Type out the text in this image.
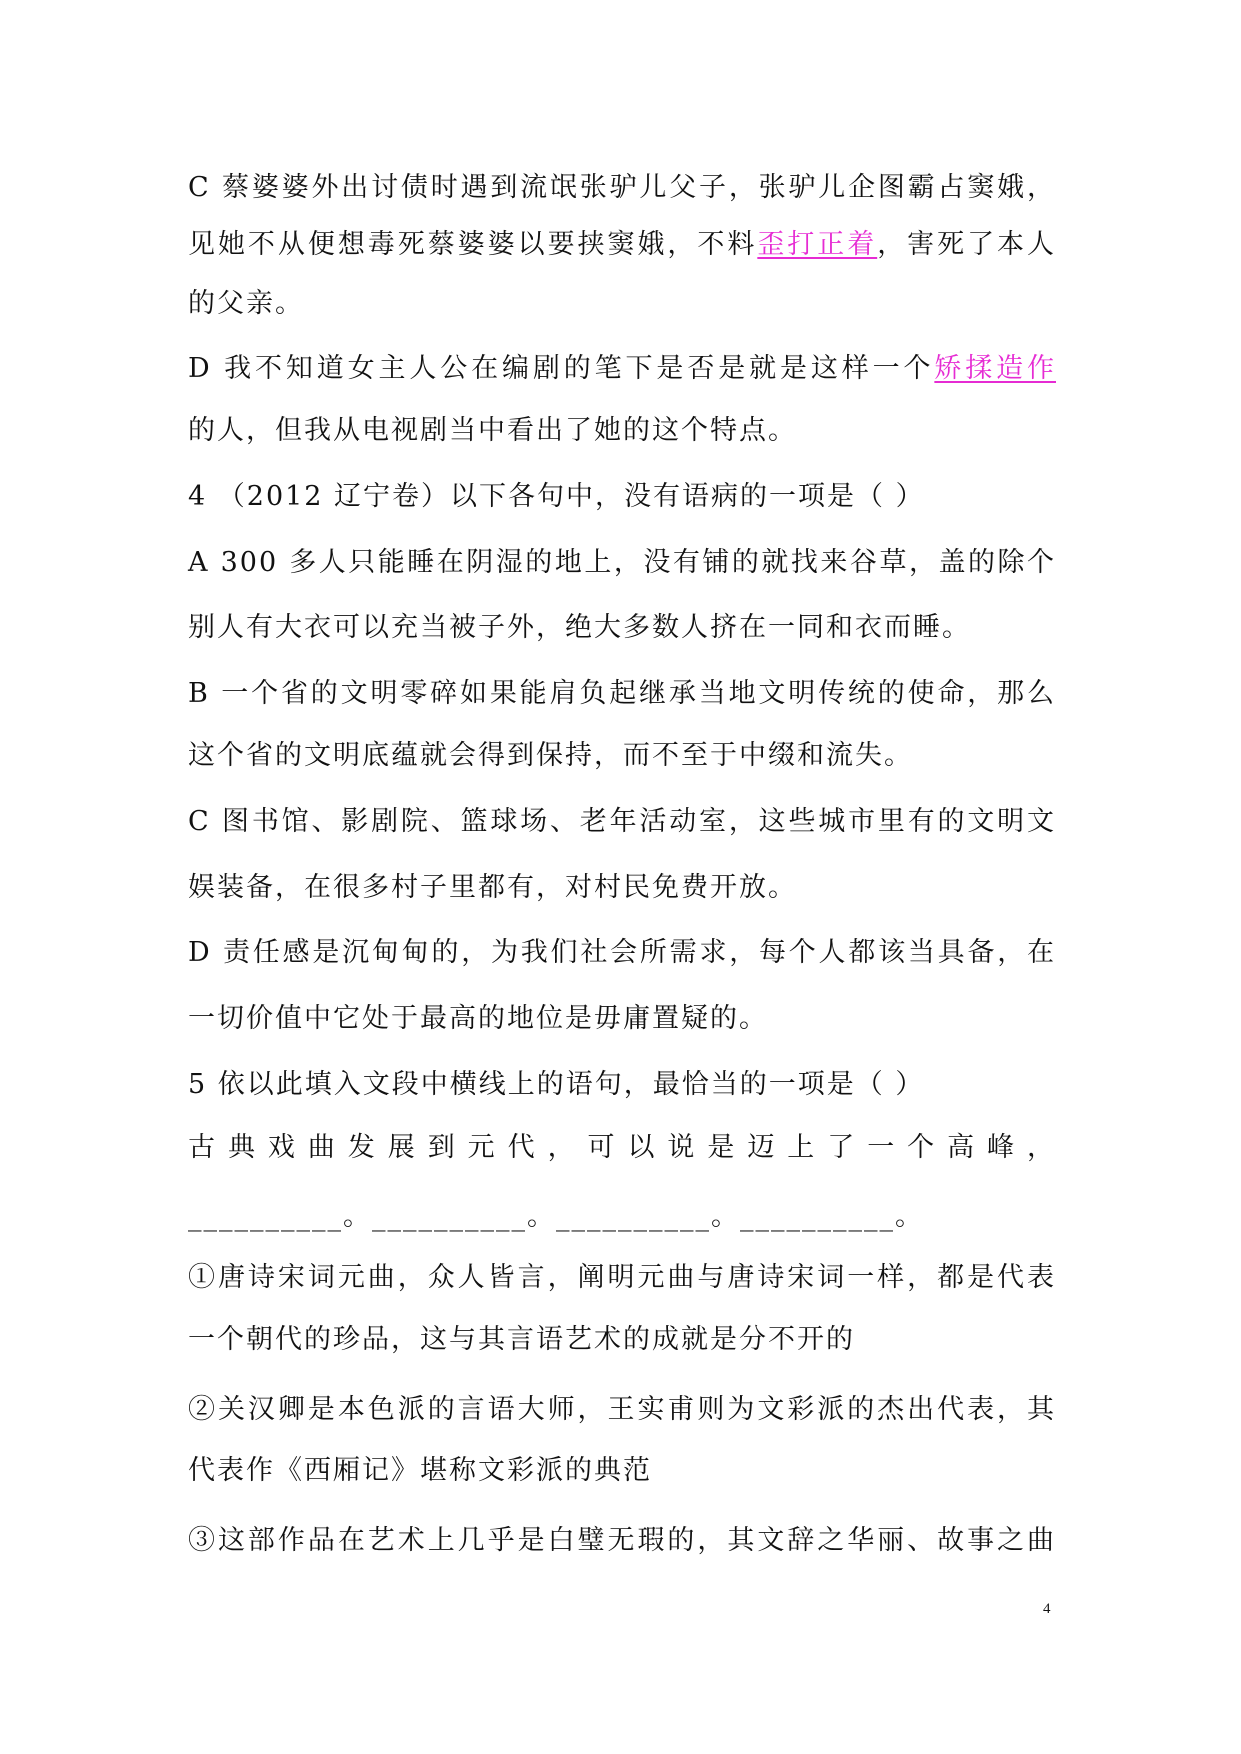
C 蔡婆婆外出讨债时遇到流氓张驴儿父子，张驴儿企图霸占窦娥，
见她不从便想毒死蔡婆婆以要挟窦娥，不料歪打正着，害死了本人
的父亲。
D 我不知道女主人公在编剧的笔下是否是就是这样一个矫揉造作
的人，但我从电视剧当中看出了她的这个特点。
4 （2012 辽宁卷）以下各句中，没有语病的一项是（ ）
A 300 多人只能睡在阴湿的地上，没有铺的就找来谷草，盖的除个
别人有大衣可以充当被子外，绝大多数人挤在一同和衣而睡。
B 一个省的文明零碎如果能肩负起继承当地文明传统的使命，那么
这个省的文明底蕴就会得到保持，而不至于中缀和流失。
C 图书馆、影剧院、篮球场、老年活动室，这些城市里有的文明文
娱装备，在很多村子里都有，对村民免费开放。
D 责任感是沉甸甸的，为我们社会所需求，每个人都该当具备，在
一切价值中它处于最高的地位是毋庸置疑的。
5 依以此填入文段中横线上的语句，最恰当的一项是（ ）
古典戏曲发展到元代，可以说是迈上了一个高峰，
__________。__________。__________。__________。
①唐诗宋词元曲，众人皆言，阐明元曲与唐诗宋词一样，都是代表
一个朝代的珍品，这与其言语艺术的成就是分不开的
②关汉卿是本色派的言语大师，王实甫则为文彩派的杰出代表，其
代表作《西厢记》堪称文彩派的典范
③这部作品在艺术上几乎是白璧无瑕的，其文辞之华丽、故事之曲
4
